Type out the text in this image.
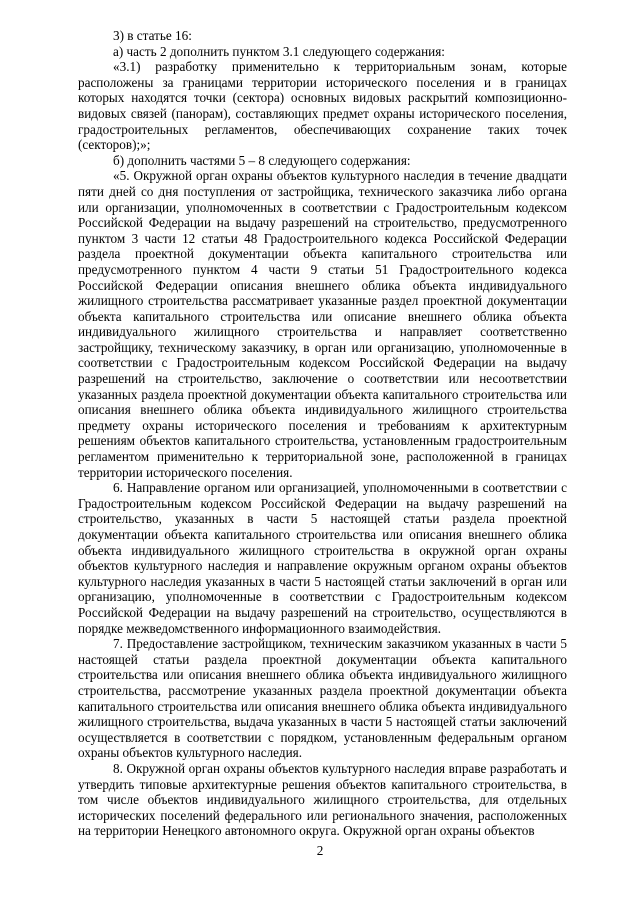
3) в статье 16:

а) часть 2 дополнить пунктом 3.1 следующего содержания:

«3.1) разработку применительно к территориальным зонам, которые расположены за границами территории исторического поселения и в границах которых находятся точки (сектора) основных видовых раскрытий композиционно-видовых связей (панорам), составляющих предмет охраны исторического поселения, градостроительных регламентов, обеспечивающих сохранение таких точек (секторов);»;

б) дополнить частями 5 – 8 следующего содержания:

«5. Окружной орган охраны объектов культурного наследия в течение двадцати пяти дней со дня поступления от застройщика, технического заказчика либо органа или организации, уполномоченных в соответствии с Градостроительным кодексом Российской Федерации на выдачу разрешений на строительство, предусмотренного пунктом 3 части 12 статьи 48 Градостроительного кодекса Российской Федерации раздела проектной документации объекта капитального строительства или предусмотренного пунктом 4 части 9 статьи 51 Градостроительного кодекса Российской Федерации описания внешнего облика объекта индивидуального жилищного строительства рассматривает указанные раздел проектной документации объекта капитального строительства или описание внешнего облика объекта индивидуального жилищного строительства и направляет соответственно застройщику, техническому заказчику, в орган или организацию, уполномоченные в соответствии с Градостроительным кодексом Российской Федерации на выдачу разрешений на строительство, заключение о соответствии или несоответствии указанных раздела проектной документации объекта капитального строительства или описания внешнего облика объекта индивидуального жилищного строительства предмету охраны исторического поселения и требованиям к архитектурным решениям объектов капитального строительства, установленным градостроительным регламентом применительно к территориальной зоне, расположенной в границах территории исторического поселения.

6. Направление органом или организацией, уполномоченными в соответствии с Градостроительным кодексом Российской Федерации на выдачу разрешений на строительство, указанных в части 5 настоящей статьи раздела проектной документации объекта капитального строительства или описания внешнего облика объекта индивидуального жилищного строительства в окружной орган охраны объектов культурного наследия и направление окружным органом охраны объектов культурного наследия указанных в части 5 настоящей статьи заключений в орган или организацию, уполномоченные в соответствии с Градостроительным кодексом Российской Федерации на выдачу разрешений на строительство, осуществляются в порядке межведомственного информационного взаимодействия.

7. Предоставление застройщиком, техническим заказчиком указанных в части 5 настоящей статьи раздела проектной документации объекта капитального строительства или описания внешнего облика объекта индивидуального жилищного строительства, рассмотрение указанных раздела проектной документации объекта капитального строительства или описания внешнего облика объекта индивидуального жилищного строительства, выдача указанных в части 5 настоящей статьи заключений осуществляется в соответствии с порядком, установленным федеральным органом охраны объектов культурного наследия.

8. Окружной орган охраны объектов культурного наследия вправе разработать и утвердить типовые архитектурные решения объектов капитального строительства, в том числе объектов индивидуального жилищного строительства, для отдельных исторических поселений федерального или регионального значения, расположенных на территории Ненецкого автономного округа. Окружной орган охраны объектов

2
